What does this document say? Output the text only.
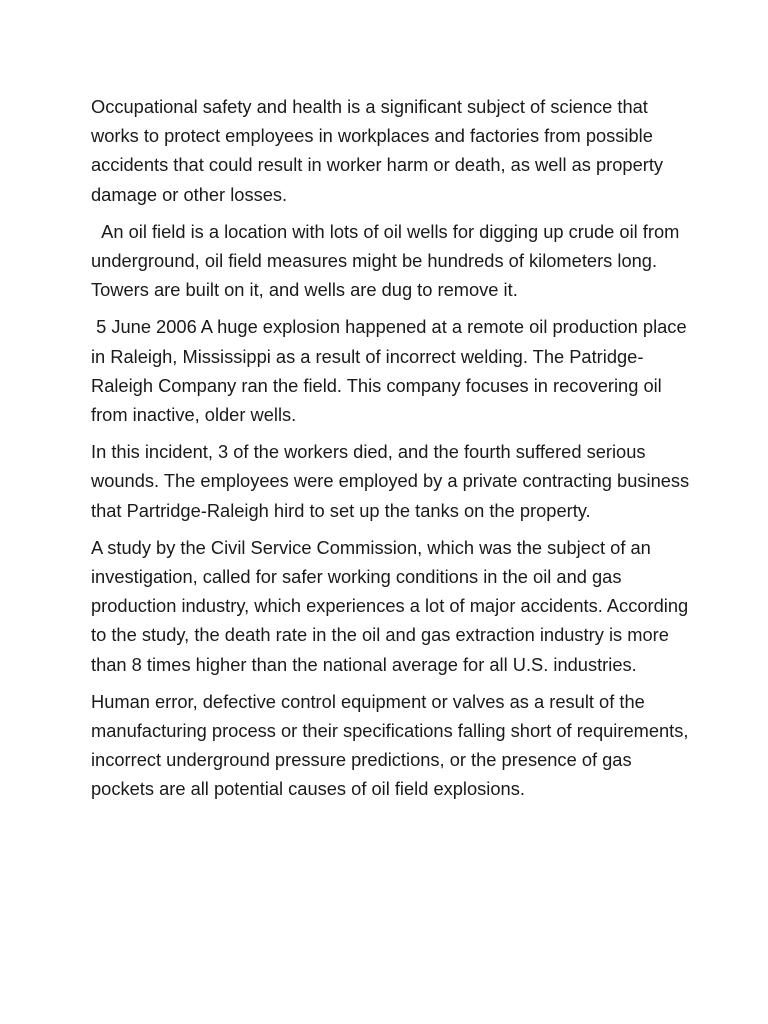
Occupational safety and health is a significant subject of science that works to protect employees in workplaces and factories from possible accidents that could result in worker harm or death, as well as property damage or other losses.

An oil field is a location with lots of oil wells for digging up crude oil from underground, oil field measures might be hundreds of kilometers long. Towers are built on it, and wells are dug to remove it.

5 June 2006 A huge explosion happened at a remote oil production place in Raleigh, Mississippi as a result of incorrect welding. The Patridge-Raleigh Company ran the field. This company focuses in recovering oil from inactive, older wells.

In this incident, 3 of the workers died, and the fourth suffered serious wounds. The employees were employed by a private contracting business that Partridge-Raleigh hird to set up the tanks on the property.

A study by the Civil Service Commission, which was the subject of an investigation, called for safer working conditions in the oil and gas production industry, which experiences a lot of major accidents. According to the study, the death rate in the oil and gas extraction industry is more than 8 times higher than the national average for all U.S. industries.

Human error, defective control equipment or valves as a result of the manufacturing process or their specifications falling short of requirements, incorrect underground pressure predictions, or the presence of gas pockets are all potential causes of oil field explosions.
